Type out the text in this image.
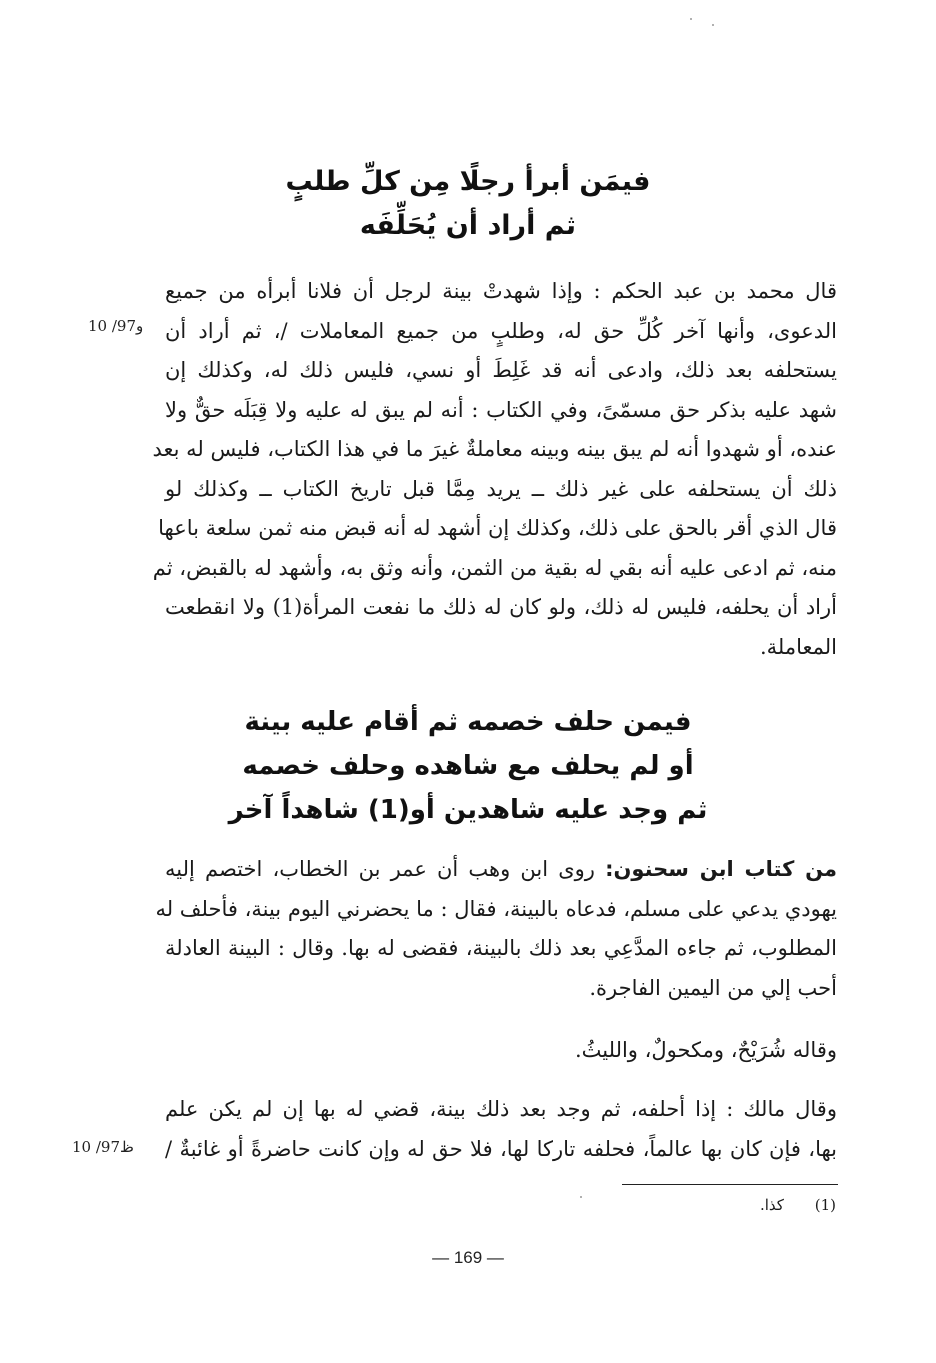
فيمَن أبرأ رجلًا مِن كلِّ طلبٍ
ثم أراد أن يُحَلِّفَه
قال محمد بن عبد الحكم : وإذا شهدتْ بينة لرجل أن فلانا أبرأه من جميع
الدعوى، وأنها آخر كُلِّ حق له، وطلبٍ من جميع المعاملات /، ثم أراد أن
يستحلفه بعد ذلك، وادعى أنه قد غَلِطَ أو نسي، فليس ذلك له، وكذلك إن
شهد عليه بذكر حق مسمّىً، وفي الكتاب : أنه لم يبق له عليه ولا قِبَلَه حقٌّ ولا
عنده، أو شهدوا أنه لم يبق بينه وبينه معاملةٌ غيرَ ما في هذا الكتاب، فليس له بعد
ذلك أن يستحلفه على غير ذلك ــ يريد مِمَّا قبل تاريخ الكتاب ــ وكذلك لو
قال الذي أقر بالحق على ذلك، وكذلك إن أشهد له أنه قبض منه ثمن سلعة باعها
منه، ثم ادعى عليه أنه بقي له بقية من الثمن، وأنه وثق به، وأشهد له بالقبض، ثم
أراد أن يحلفه، فليس له ذلك، ولو كان له ذلك ما نفعت المرأة(1) ولا انقطعت
المعاملة.
10 /97و
فيمن حلف خصمه ثم أقام عليه بينة
أو لم يحلف مع شاهده وحلف خصمه
ثم وجد عليه شاهدين أو(1) شاهداً آخر
من كتاب ابن سحنون: روى ابن وهب أن عمر بن الخطاب، اختصم إليه
يهودي يدعي على مسلم، فدعاه بالبينة، فقال : ما يحضرني اليوم بينة، فأحلف له
المطلوب، ثم جاءه المدَّعِي بعد ذلك بالبينة، فقضى له بها. وقال : البينة العادلة
أحب إلي من اليمين الفاجرة.
وقاله شُرَيْحٌ، ومكحولٌ، والليثُ.
وقال مالك : إذا أحلفه، ثم وجد بعد ذلك بينة، قضي له بها إن لم يكن علم
بها، فإن كان بها عالماً، فحلفه تاركا لها، فلا حق له وإن كانت حاضرةً أو غائبةٌ /
10 /97ظ
(1) كذا.
— 169 —
